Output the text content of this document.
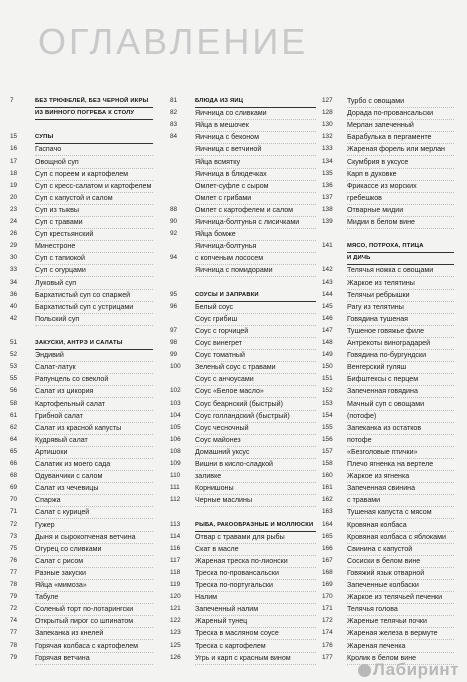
ОГЛАВЛЕНИЕ
7	БЕЗ ТРЮФЕЛЕЙ, БЕЗ ЧЕРНОЙ ИКРЫ
ИЗ ВИННОГО ПОГРЕБА К СТОЛУ
15	СУПЫ
16	Гаспачо
17	Овощной суп
18	Суп с пореем и картофелем
19	Суп с кресс-салатом и картофелем
20	Суп с капустой и салом
23	Суп из тыквы
24	Суп с травами
26	Суп крестьянский
29	Минестроне
30	Суп с тапиокой
33	Суп с огурцами
34	Луковый суп
36	Бархатистый суп со спаржей
40	Бархатистый суп с устрицами
42	Польский суп
51	ЗАКУСКИ, АНТРЭ И САЛАТЫ
52	Эндивий
53	Салат-латук
55	Рапунцель со свеклой
56	Салат из цикория
58	Картофельный салат
61	Грибной салат
62	Салат из красной капусты
64	Кудрявый салат
65	Артишоки
66	Салатик из моего сада
68	Одуванчики с салом
69	Салат из чечевицы
70	Спаржа
71	Салат с курицей
72	Гужер
73	Дыня и сырокопченая ветчина
75	Огурец со сливками
76	Салат с рисом
77	Разные закуски
78	Яйца «мимоза»
79	Табуле
72	Соленый торт по-лотарингски
74	Открытый пирог со шпинатом
77	Запеканка из кнелей
78	Горячая колбаса с картофелем
79	Горячая ветчина
81	БЛЮДА ИЗ ЯИЦ
82	Яичница со сливками
83	Яйца в мешочек
84	Яичница с беконом
Яичница с ветчиной
Яйца всмятку
Яичница в блюдечках
Омлет-суфле с сыром
Омлет с грибами
88	Омлет с картофелем и салом
90	Яичница-болтунья с лисичками
92	Яйца бомже
Яичница-болтунья
94	с копченым лососем
Яичница с помидорами
95	СОУСЫ И ЗАПРАВКИ
96	Белый соус
Соус грибиш
97	Соус с горчицей
98	Соус винегрет
99	Соус томатный
100	Зеленый соус с травами
Соус с анчоусами
102	Соус «Белое масло»
103	Соус беарнский (быстрый)
104	Соус голландский (быстрый)
105	Соус чесночный
106	Соус майонез
108	Домашний уксус
109	Вишни в кисло-сладкой
110	заливке
111	Корнишоны
112	Черные маслины
113	РЫБА, РАКООБРАЗНЫЕ И МОЛЛЮСКИ
114	Отвар с травами для рыбы
116	Скат в масле
117	Жареная треска по-лионски
118	Треска по-провансальски
119	Треска по-португальски
120	Налим
121	Запеченный налим
122	Жареный тунец
123	Треска в масляном соусе
125	Треска с картофелем
126	Угрь и карп с красным вином
127	Турбо с овощами
128	Дорада по-провансальски
130	Мерлан запеченный
132	Барабулька в пергаменте
133	Жареная форель или мерлан
134	Скумбрия в уксусе
135	Карп в духовке
136	Фрикассе из морских
137	гребешков
138	Отварные мидии
139	Мидии в белом вине
141	МЯСО, ПОТРОХА, ПТИЦА
И ДИЧЬ
142	Телячья ножка с овощами
143	Жаркое из телятины
144	Телячьи ребрышки
145	Рагу из телятины
146	Говядина тушеная
147	Тушеное говяжье филе
148	Антрекоты виноградарей
149	Говядина по-бургундски
150	Венгерский гуляш
151	Бифштексы с перцем
152	Запеченная говядина
153	Мачный суп с овощами
154	(потофе)
155	Запеканка из остатков
156	потофе
157	«Безголовые птички»
158	Плечо ягненка на вертеле
160	Жаркое из ягненка
161	Запеченная свинина
162	с травами
163	Тушеная капуста с мясом
164	Кровяная колбаса
165	Кровяная колбаса с яблоками
166	Свинина с капустой
167	Сосиски в белом вине
168	Говяжий язык отварной
169	Запеченные колбаски
170	Жаркое из телячьей печенки
171	Телячья голова
172	Жареные телячьи почки
174	Жареная железа в вермуте
176	Жареная печенка
177	Кролик в белом вине
Лабиринт
